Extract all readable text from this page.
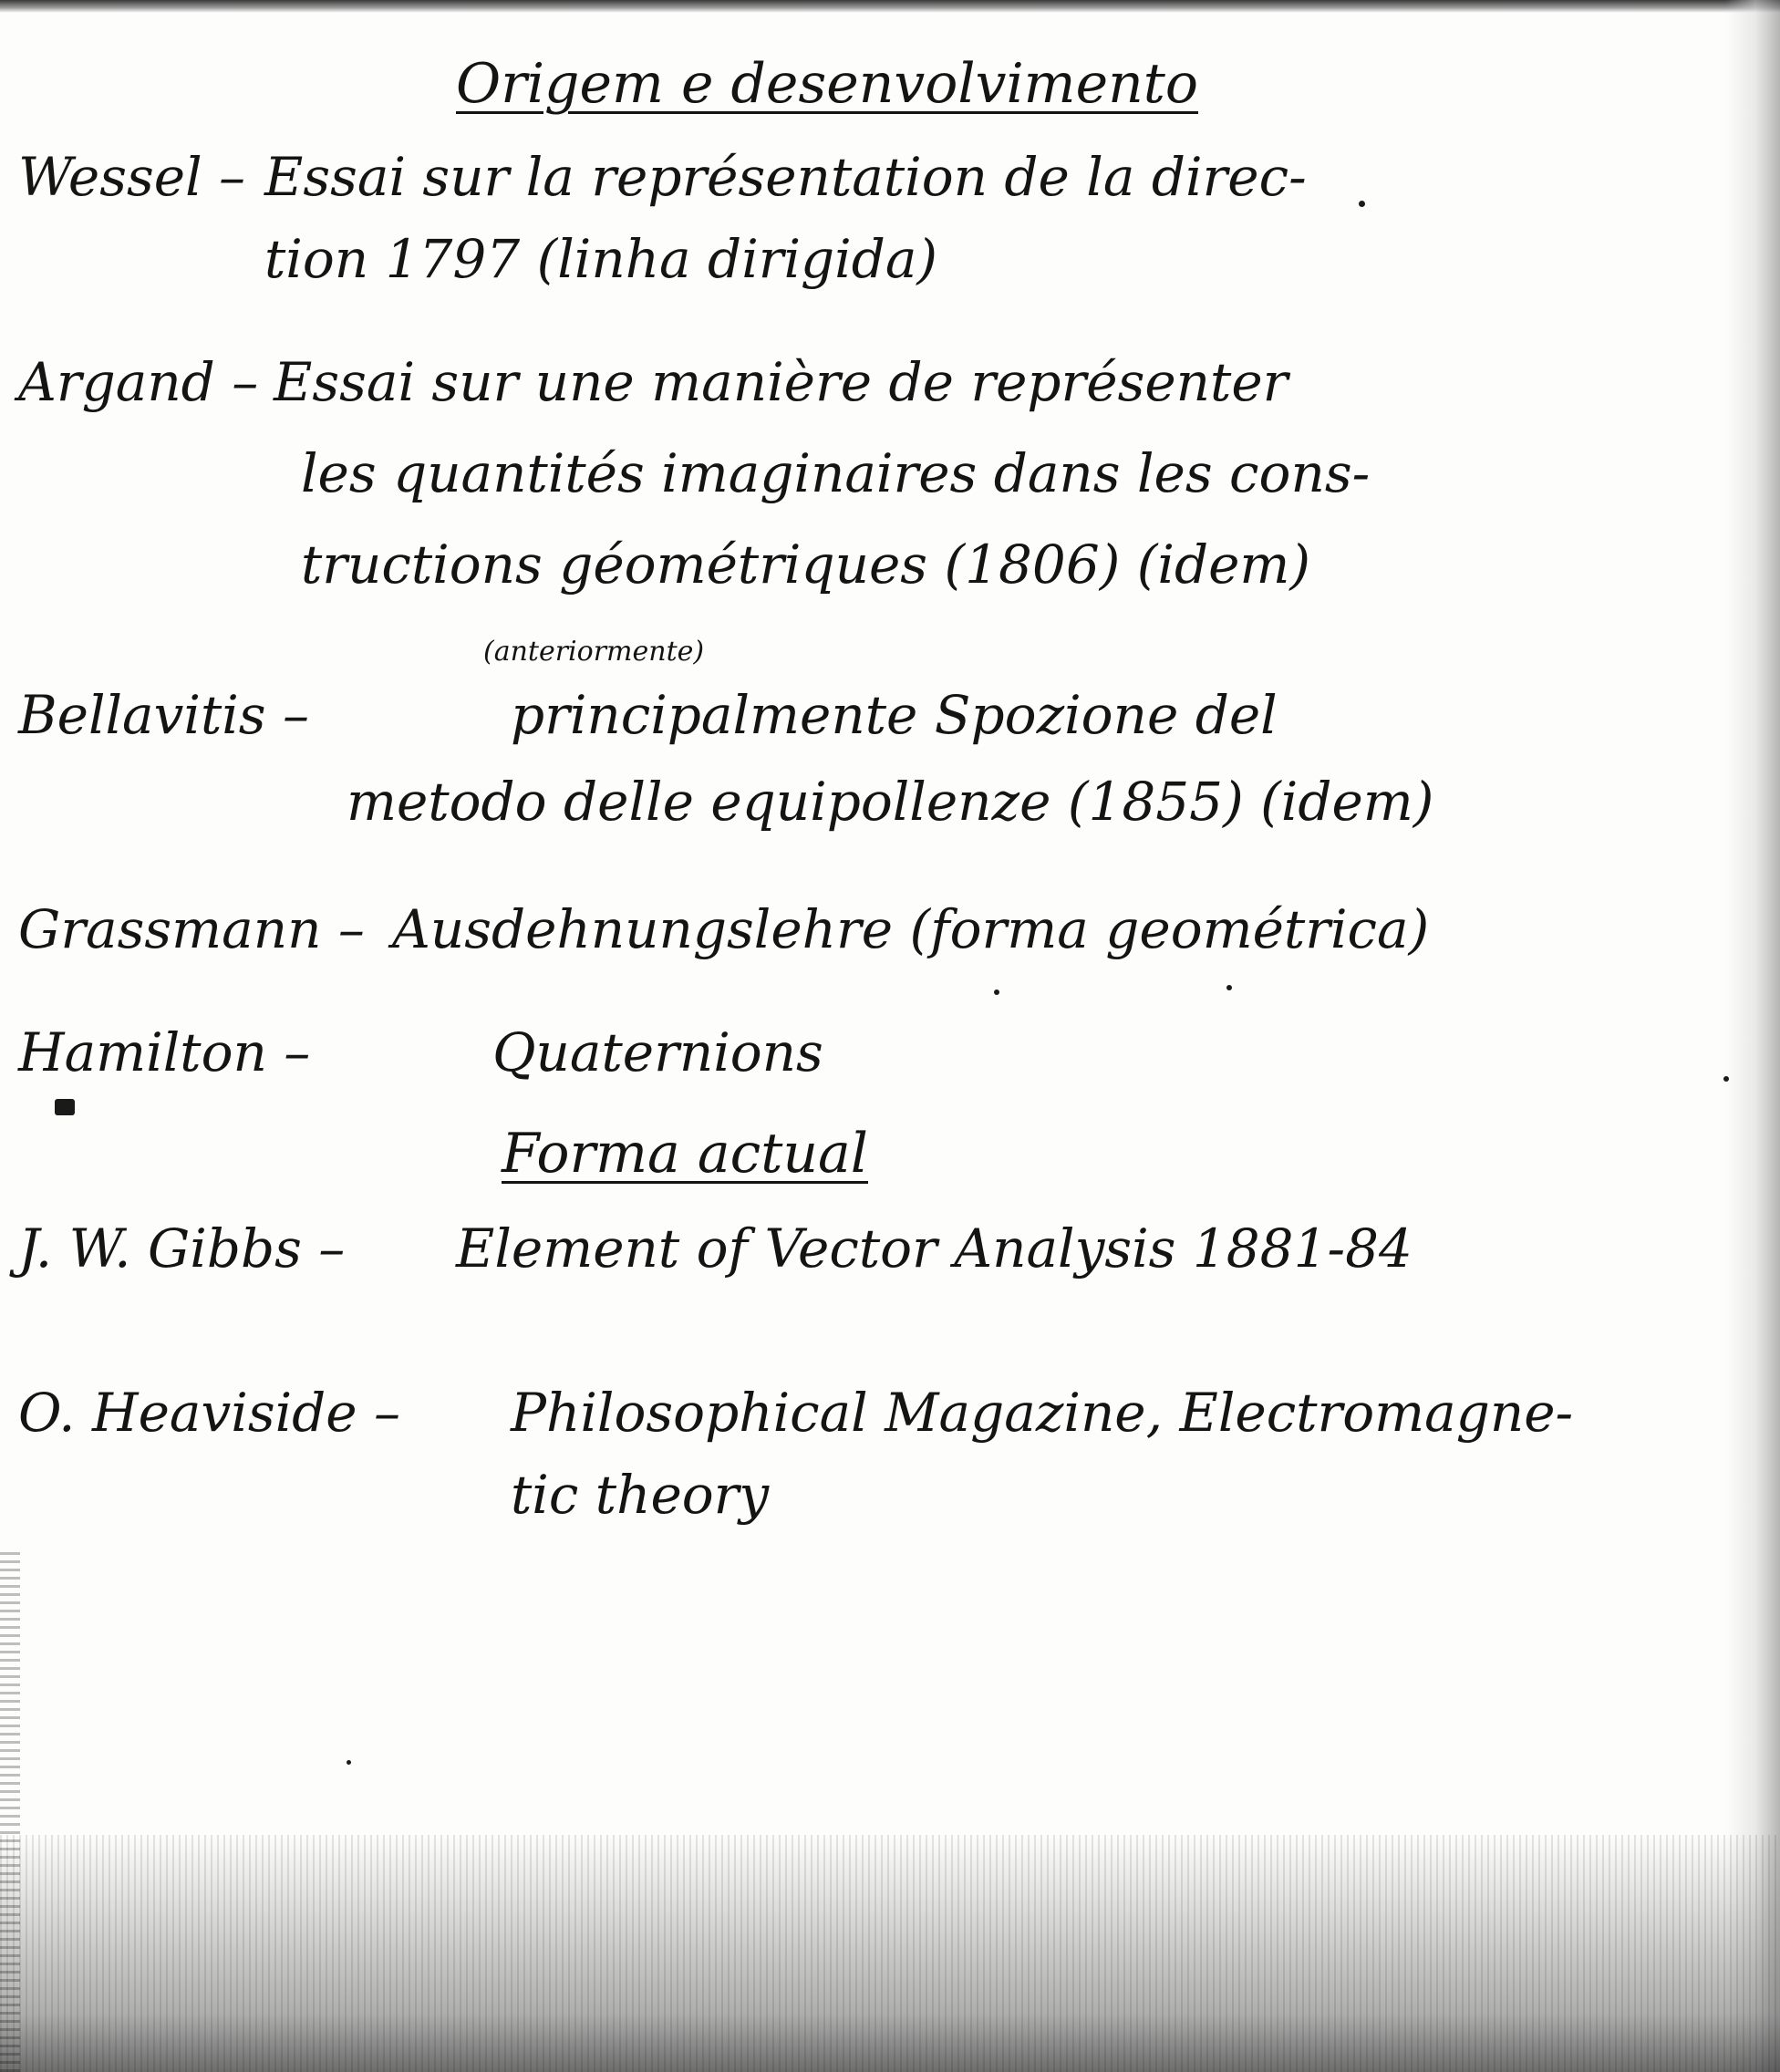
Origem e desenvolvimento

Wessel – Essai sur la représentation de la direc-

tion 1797 (linha dirigida)

Argand – Essai sur une manière de représenter

les quantités imaginaires dans les cons-

tructions géométriques (1806) (idem)

(anteriormente)

Bellavitis –	principalmente Spozione del

metodo delle equipollenze (1855) (idem)

Grassmann – Ausdehnungslehre (forma geométrica)

Hamilton –	Quaternions

Forma actual

J. W. Gibbs – Element of Vector Analysis 1881-84

O. Heaviside – Philosophical Magazine, Electromagne-

tic theory
